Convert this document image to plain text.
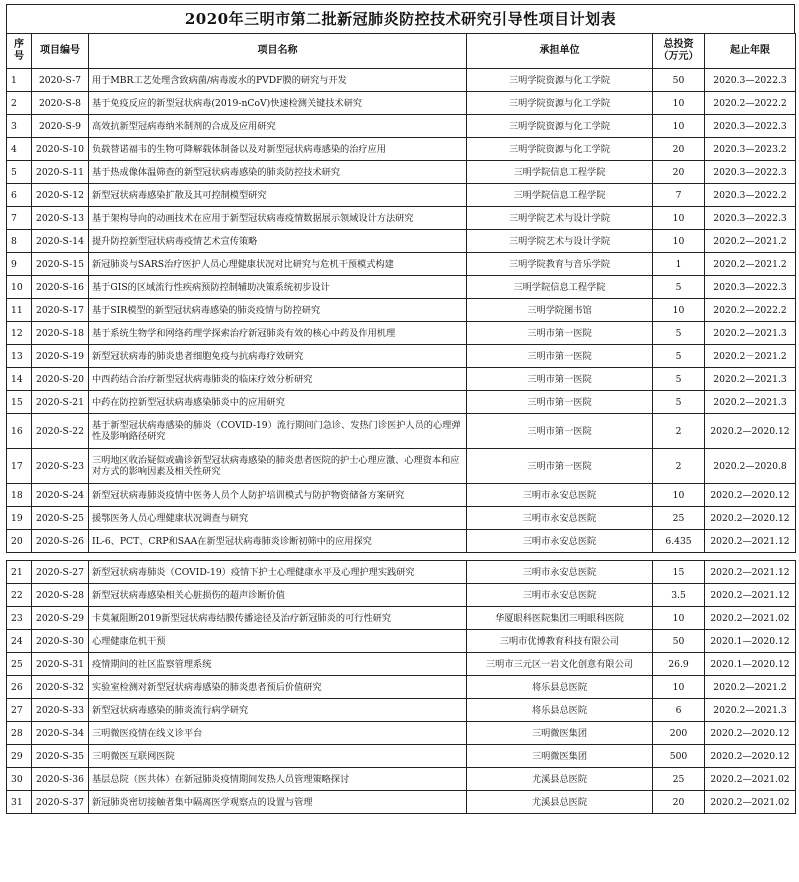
2020年三明市第二批新冠肺炎防控技术研究引导性项目计划表
序号	项目编号	项目名称	承担单位	总投资（万元）	起止年限
1	2020-S-7	用于MBR工艺处理含致病菌/病毒废水的PVDF膜的研究与开发	三明学院资源与化工学院	50	2020.3—2022.3
2	2020-S-8	基于免疫反应的新型冠状病毒(2019-nCoV)快速检测关键技术研究	三明学院资源与化工学院	10	2020.2—2022.2
3	2020-S-9	高效抗新型冠病毒纳米制剂的合成及应用研究	三明学院资源与化工学院	10	2020.3—2022.3
4	2020-S-10	负载替诺福韦的生物可降解载体制备以及对新型冠状病毒感染的治疗应用	三明学院资源与化工学院	20	2020.3—2023.2
5	2020-S-11	基于热成像体温筛查的新型冠状病毒感染的肺炎防控技术研究	三明学院信息工程学院	20	2020.3—2022.3
6	2020-S-12	新型冠状病毒感染扩散及其可控制模型研究	三明学院信息工程学院	7	2020.3—2022.2
7	2020-S-13	基于架构导向的动画技术在应用于新型冠状病毒疫情数据展示领域设计方法研究	三明学院艺术与设计学院	10	2020.3—2022.3
8	2020-S-14	提升防控新型冠状病毒疫情艺术宣传策略	三明学院艺术与设计学院	10	2020.2—2021.2
9	2020-S-15	新冠肺炎与SARS治疗医护人员心理健康状况对比研究与危机干预模式构建	三明学院教育与音乐学院	1	2020.2—2021.2
10	2020-S-16	基于GIS的区域流行性疾病预防控制辅助决策系统初步设计	三明学院信息工程学院	5	2020.3—2022.3
11	2020-S-17	基于SIR模型的新型冠状病毒感染的肺炎疫情与防控研究	三明学院图书馆	10	2020.2—2022.2
12	2020-S-18	基于系统生物学和网络药理学探索治疗新冠肺炎有效的核心中药及作用机理	三明市第一医院	5	2020.2—2021.3
13	2020-S-19	新型冠状病毒的肺炎患者细胞免疫与抗病毒疗效研究	三明市第一医院	5	2020.2－2021.2
14	2020-S-20	中西药结合治疗新型冠状病毒肺炎的临床疗效分析研究	三明市第一医院	5	2020.2—2021.3
15	2020-S-21	中药在防控新型冠状病毒感染肺炎中的应用研究	三明市第一医院	5	2020.2—2021.3
16	2020-S-22	基于新型冠状病毒感染的肺炎（COVID-19）流行期间门急诊、发热门诊医护人员的心理弹性及影响路径研究	三明市第一医院	2	2020.2—2020.12
17	2020-S-23	三明地区收治疑似或确诊新型冠状病毒感染的肺炎患者医院的护士心理应激、心理资本和应对方式的影响因素及相关性研究	三明市第一医院	2	2020.2—2020.8
18	2020-S-24	新型冠状病毒肺炎疫情中医务人员个人防护培训模式与防护物资储备方案研究	三明市永安总医院	10	2020.2—2020.12
19	2020-S-25	援鄂医务人员心理健康状况调查与研究	三明市永安总医院	25	2020.2—2020.12
20	2020-S-26	IL-6、PCT、CRP和SAA在新型冠状病毒肺炎诊断初筛中的应用探究	三明市永安总医院	6.435	2020.2—2021.12

21	2020-S-27	新型冠状病毒肺炎（COVID-19）疫情下护士心理健康水平及心理护理实践研究	三明市永安总医院	15	2020.2—2021.12
22	2020-S-28	新型冠状病毒感染相关心脏损伤的超声诊断价值	三明市永安总医院	3.5	2020.2—2021.12
23	2020-S-29	卡莫氟阻断2019新型冠状病毒结膜传播途径及治疗新冠肺炎的可行性研究	华厦眼科医院集团三明眼科医院	10	2020.2—2021.02
24	2020-S-30	心理健康危机干预	三明市优博教育科技有限公司	50	2020.1—2020.12
25	2020-S-31	疫情期间的社区监察管理系统	三明市三元区一岩文化创意有限公司	26.9	2020.1—2020.12
26	2020-S-32	实验室检测对新型冠状病毒感染的肺炎患者预后价值研究	将乐县总医院	10	2020.2—2021.2
27	2020-S-33	新型冠状病毒感染的肺炎流行病学研究	将乐县总医院	6	2020.2—2021.3
28	2020-S-34	三明微医疫情在线义诊平台	三明微医集团	200	2020.2—2020.12
29	2020-S-35	三明微医互联网医院	三明微医集团	500	2020.2—2020.12
30	2020-S-36	基层总院（医共体）在新冠肺炎疫情期间发热人员管理策略探讨	尤溪县总医院	25	2020.2—2021.02
31	2020-S-37	新冠肺炎密切接触者集中隔离医学观察点的设置与管理	尤溪县总医院	20	2020.2—2021.02
